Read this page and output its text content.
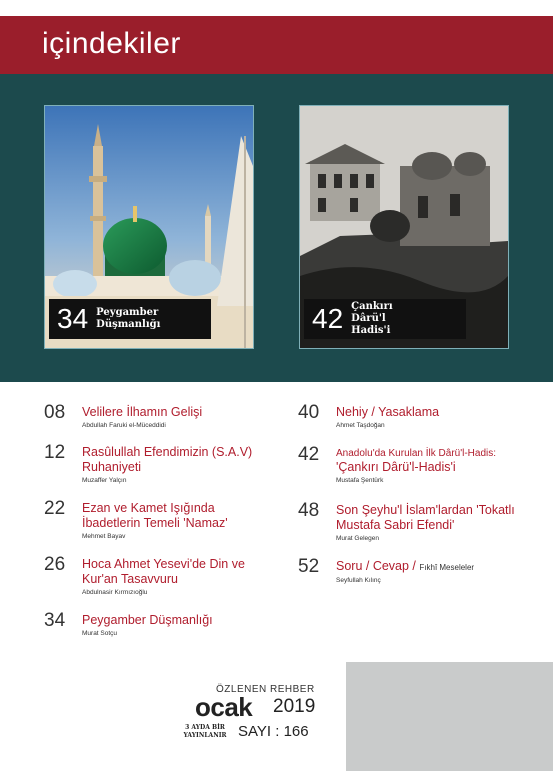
içindekiler
34 Peygamber Düşmanlığı	42 Çankırı Dârü'l Hadis'i
08 Velilere İlhamın Gelişi
Abdullah Faruki el-Müceddidi
12 Rasûlullah Efendimizin (S.A.V) Ruhaniyeti
Muzaffer Yalçın
22 Ezan ve Kamet Işığında İbadetlerin Temeli 'Namaz'
Mehmet Bayav
26 Hoca Ahmet Yesevi'de Din ve Kur'an Tasavvuru
Abdulnasir Kırmızıoğlu
34 Peygamber Düşmanlığı
Murat Sotçu
40 Nehiy / Yasaklama
Ahmet Taşdoğan
42 Anadolu'da Kurulan İlk Dârü'l-Hadis:
'Çankırı Dârü'l-Hadis'i
Mustafa Şentürk
48 Son Şeyhu'l İslam'lardan 'Tokatlı Mustafa Sabri Efendi'
Murat Gelegen
52 Soru / Cevap / Fıkhî Meseleler
Seyfullah Kılınç
ÖZLENEN REHBER
ocak 2019
3 AYDA BİR YAYINLANIR SAYI : 166
